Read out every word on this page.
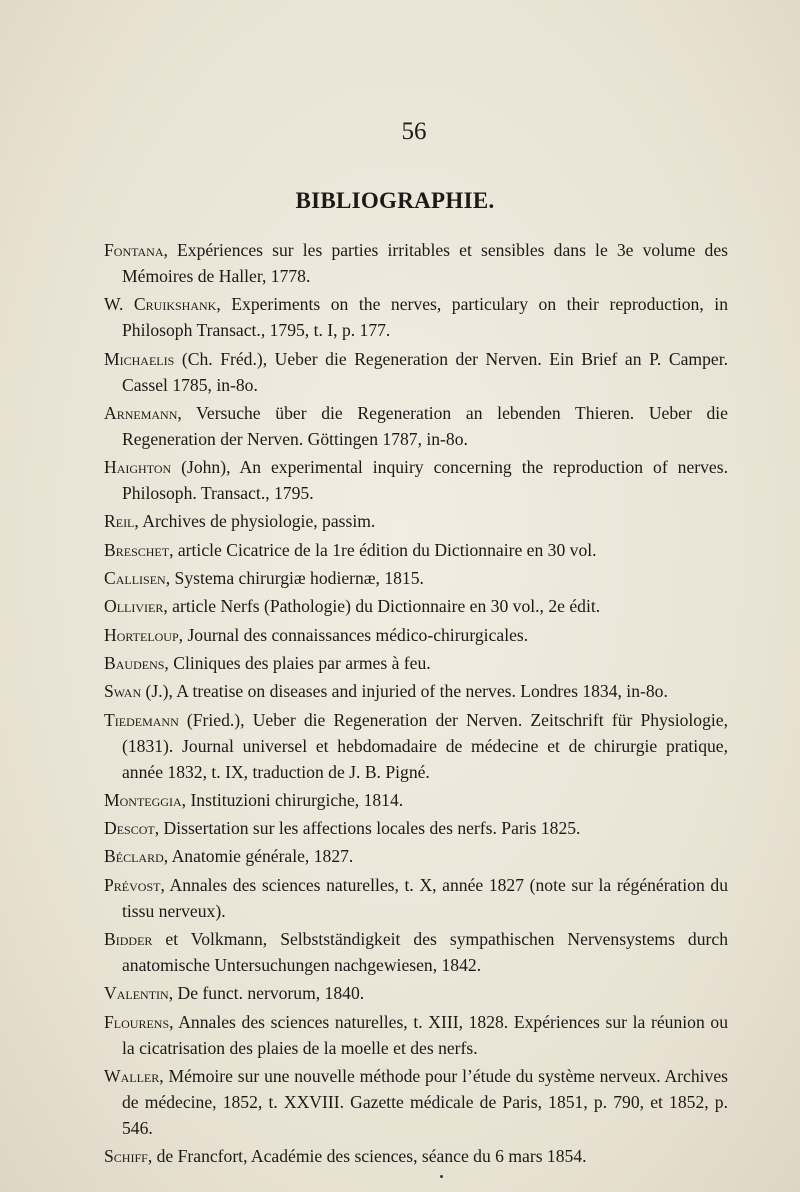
56
BIBLIOGRAPHIE.
Fontana, Expériences sur les parties irritables et sensibles dans le 3e volume des Mémoires de Haller, 1778.
W. Cruikshank, Experiments on the nerves, particulary on their reproduction, in Philosoph Transact., 1795, t. I, p. 177.
Michaelis (Ch. Fréd.), Ueber die Regeneration der Nerven. Ein Brief an P. Camper. Cassel 1785, in-8o.
Arnemann, Versuche über die Regeneration an lebenden Thieren. Ueber die Regeneration der Nerven. Göttingen 1787, in-8o.
Haighton (John), An experimental inquiry concerning the reproduction of nerves. Philosoph. Transact., 1795.
Reil, Archives de physiologie, passim.
Breschet, article Cicatrice de la 1re édition du Dictionnaire en 30 vol.
Callisen, Systema chirurgiæ hodiernæ, 1815.
Ollivier, article Nerfs (Pathologie) du Dictionnaire en 30 vol., 2e édit.
Horteloup, Journal des connaissances médico-chirurgicales.
Baudens, Cliniques des plaies par armes à feu.
Swan (J.), A treatise on diseases and injuried of the nerves. Londres 1834, in-8o.
Tiedemann (Fried.), Ueber die Regeneration der Nerven. Zeitschrift für Physiologie, (1831). Journal universel et hebdomadaire de médecine et de chirurgie pratique, année 1832, t. IX, traduction de J. B. Pigné.
Monteggia, Instituzioni chirurgiche, 1814.
Descot, Dissertation sur les affections locales des nerfs. Paris 1825.
Béclard, Anatomie générale, 1827.
Prévost, Annales des sciences naturelles, t. X, année 1827 (note sur la régénération du tissu nerveux).
Bidder et Volkmann, Selbstständigkeit des sympathischen Nervensystems durch anatomische Untersuchungen nachgewiesen, 1842.
Valentin, De funct. nervorum, 1840.
Flourens, Annales des sciences naturelles, t. XIII, 1828. Expériences sur la réunion ou la cicatrisation des plaies de la moelle et des nerfs.
Waller, Mémoire sur une nouvelle méthode pour l’étude du système nerveux. Archives de médecine, 1852, t. XXVIII. Gazette médicale de Paris, 1851, p. 790, et 1852, p. 546.
Schiff, de Francfort, Académie des sciences, séance du 6 mars 1854.
